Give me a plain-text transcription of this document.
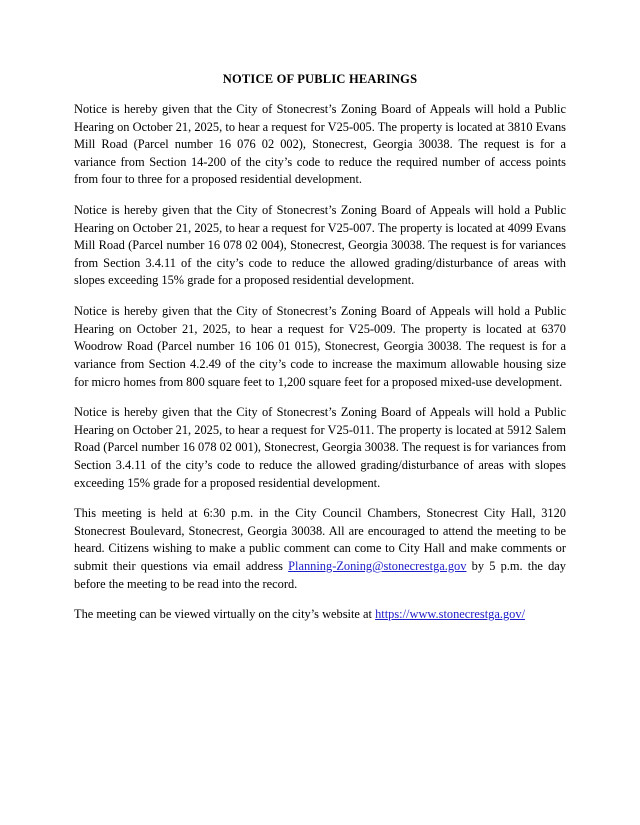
NOTICE OF PUBLIC HEARINGS

Notice is hereby given that the City of Stonecrest’s Zoning Board of Appeals will hold a Public Hearing on October 21, 2025, to hear a request for V25-005. The property is located at 3810 Evans Mill Road (Parcel number 16 076 02 002), Stonecrest, Georgia 30038. The request is for a variance from Section 14-200 of the city’s code to reduce the required number of access points from four to three for a proposed residential development.

Notice is hereby given that the City of Stonecrest’s Zoning Board of Appeals will hold a Public Hearing on October 21, 2025, to hear a request for V25-007. The property is located at 4099 Evans Mill Road (Parcel number 16 078 02 004), Stonecrest, Georgia 30038. The request is for variances from Section 3.4.11 of the city’s code to reduce the allowed grading/disturbance of areas with slopes exceeding 15% grade for a proposed residential development.

Notice is hereby given that the City of Stonecrest’s Zoning Board of Appeals will hold a Public Hearing on October 21, 2025, to hear a request for V25-009. The property is located at 6370 Woodrow Road (Parcel number 16 106 01 015), Stonecrest, Georgia 30038. The request is for a variance from Section 4.2.49 of the city’s code to increase the maximum allowable housing size for micro homes from 800 square feet to 1,200 square feet for a proposed mixed-use development.

Notice is hereby given that the City of Stonecrest’s Zoning Board of Appeals will hold a Public Hearing on October 21, 2025, to hear a request for V25-011. The property is located at 5912 Salem Road (Parcel number 16 078 02 001), Stonecrest, Georgia 30038. The request is for variances from Section 3.4.11 of the city’s code to reduce the allowed grading/disturbance of areas with slopes exceeding 15% grade for a proposed residential development.

This meeting is held at 6:30 p.m. in the City Council Chambers, Stonecrest City Hall, 3120 Stonecrest Boulevard, Stonecrest, Georgia 30038. All are encouraged to attend the meeting to be heard. Citizens wishing to make a public comment can come to City Hall and make comments or submit their questions via email address Planning-Zoning@stonecrestga.gov by 5 p.m. the day before the meeting to be read into the record.

The meeting can be viewed virtually on the city’s website at https://www.stonecrestga.gov/
